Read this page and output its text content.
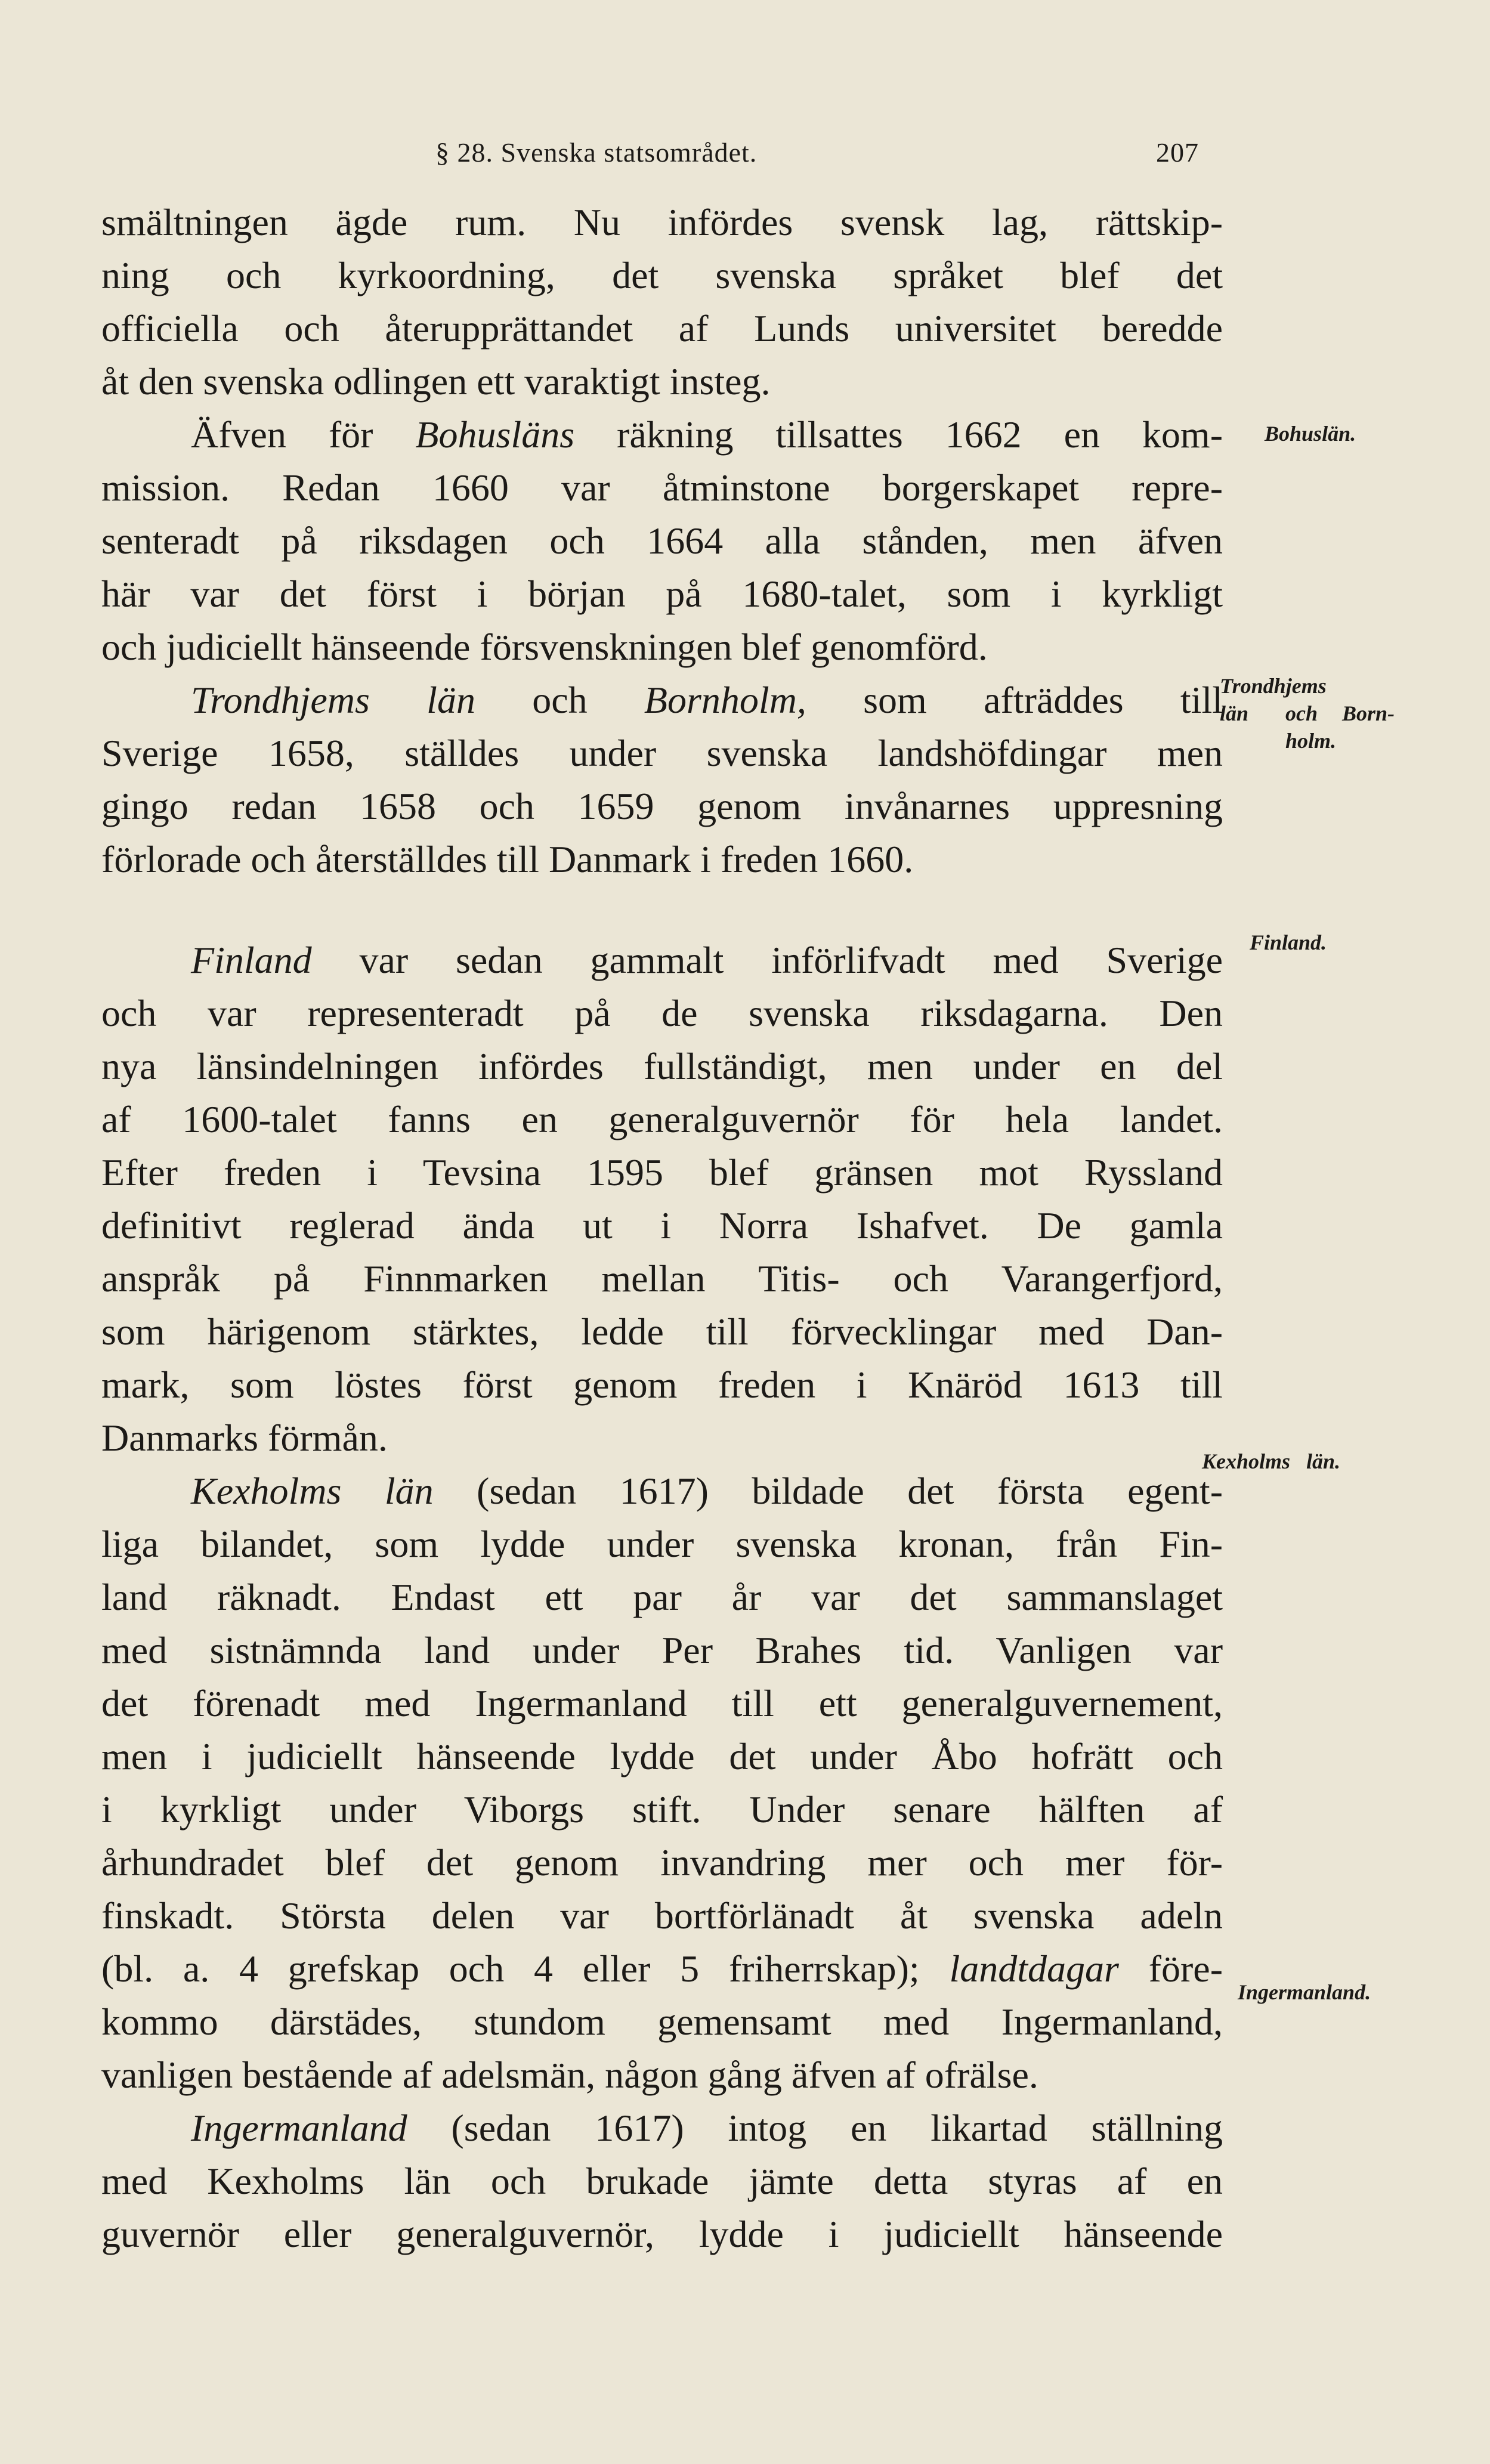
§ 28. Svenska statsområdet.	207
smältningen ägde rum. Nu infördes svensk lag, rättskip-
ning och kyrkoordning, det svenska språket blef det
officiella och återupprättandet af Lunds universitet beredde
åt den svenska odlingen ett varaktigt insteg.
Äfven för Bohusläns räkning tillsattes 1662 en kom-
mission. Redan 1660 var åtminstone borgerskapet repre-
senteradt på riksdagen och 1664 alla stånden, men äfven
här var det först i början på 1680-talet, som i kyrkligt
och judiciellt hänseende försvenskningen blef genomförd.
Trondhjems län och Bornholm, som afträddes till
Sverige 1658, ställdes under svenska landshöfdingar men
gingo redan 1658 och 1659 genom invånarnes uppresning
förlorade och återställdes till Danmark i freden 1660.
Finland var sedan gammalt införlifvadt med Sverige
och var representeradt på de svenska riksdagarna. Den
nya länsindelningen infördes fullständigt, men under en del
af 1600-talet fanns en generalguvernör för hela landet.
Efter freden i Tevsina 1595 blef gränsen mot Ryssland
definitivt reglerad ända ut i Norra Ishafvet. De gamla
anspråk på Finnmarken mellan Titis- och Varangerfjord,
som härigenom stärktes, ledde till förvecklingar med Dan-
mark, som löstes först genom freden i Knäröd 1613 till
Danmarks förmån.
Kexholms län (sedan 1617) bildade det första egent-
liga bilandet, som lydde under svenska kronan, från Fin-
land räknadt. Endast ett par år var det sammanslaget
med sistnämnda land under Per Brahes tid. Vanligen var
det förenadt med Ingermanland till ett generalguvernement,
men i judiciellt hänseende lydde det under Åbo hofrätt och
i kyrkligt under Viborgs stift. Under senare hälften af
århundradet blef det genom invandring mer och mer för-
finskadt. Största delen var bortförlänadt åt svenska adeln
(bl. a. 4 grefskap och 4 eller 5 friherrskap); landtdagar före-
kommo därstädes, stundom gemensamt med Ingermanland,
vanligen bestående af adelsmän, någon gång äfven af ofrälse.
Ingermanland (sedan 1617) intog en likartad ställning
med Kexholms län och brukade jämte detta styras af en
guvernör eller generalguvernör, lydde i judiciellt hänseende
Bohuslän.
Trondhjems
län och Born-
holm.
Finland.
Kexholms   län.
Ingermanland.
